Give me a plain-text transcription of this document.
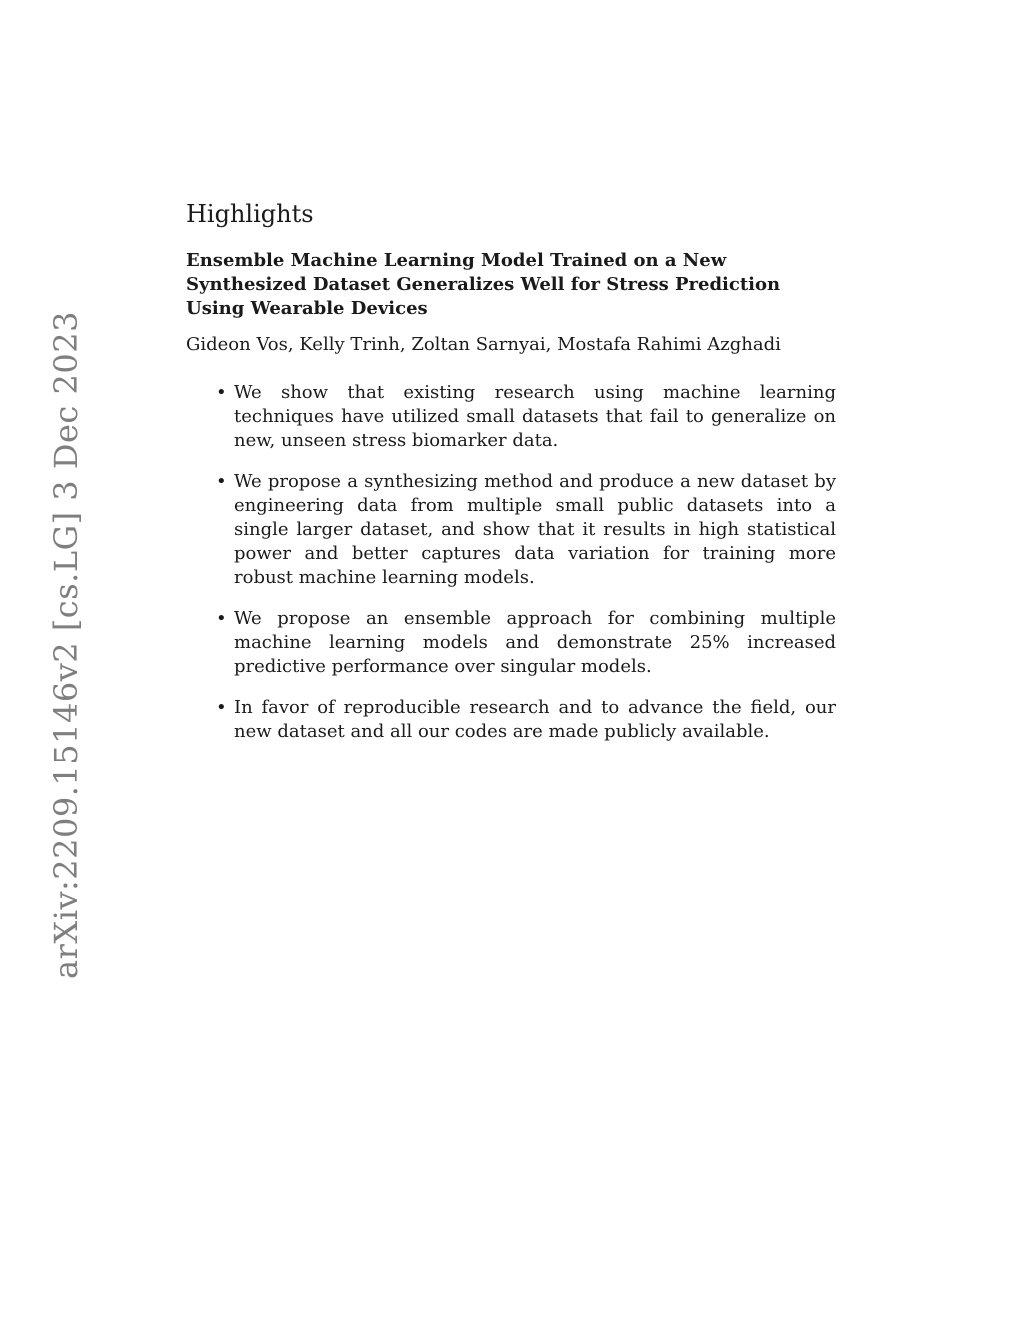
arXiv:2209.15146v2 [cs.LG] 3 Dec 2023
Highlights
Ensemble Machine Learning Model Trained on a New Synthesized Dataset Generalizes Well for Stress Prediction Using Wearable Devices
Gideon Vos, Kelly Trinh, Zoltan Sarnyai, Mostafa Rahimi Azghadi
• We show that existing research using machine learning techniques have utilized small datasets that fail to generalize on new, unseen stress biomarker data.
• We propose a synthesizing method and produce a new dataset by engineering data from multiple small public datasets into a single larger dataset, and show that it results in high statistical power and better captures data variation for training more robust machine learning models.
• We propose an ensemble approach for combining multiple machine learning models and demonstrate 25% increased predictive performance over singular models.
• In favor of reproducible research and to advance the field, our new dataset and all our codes are made publicly available.
